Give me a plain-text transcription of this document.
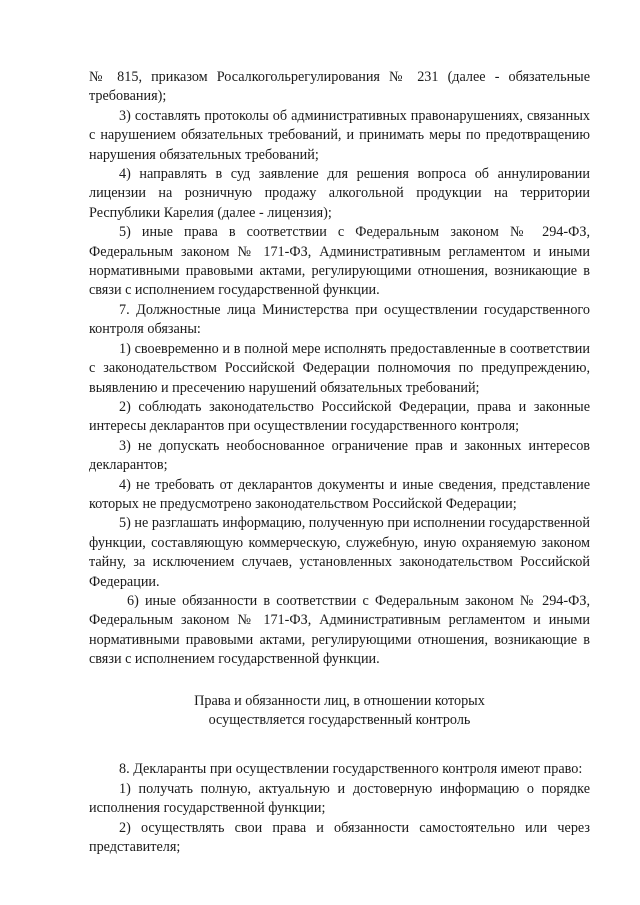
№ 815, приказом Росалкогольрегулирования № 231 (далее - обязательные требования);

3) составлять протоколы об административных правонарушениях, связанных с нарушением обязательных требований, и принимать меры по предотвращению нарушения обязательных требований;

4) направлять в суд заявление для решения вопроса об аннулировании лицензии на розничную продажу алкогольной продукции на территории Республики Карелия (далее - лицензия);

5) иные права в соответствии с Федеральным законом № 294-ФЗ, Федеральным законом № 171-ФЗ, Административным регламентом и иными нормативными правовыми актами, регулирующими отношения, возникающие в связи с исполнением государственной функции.

7. Должностные лица Министерства при осуществлении государственного контроля обязаны:

1) своевременно и в полной мере исполнять предоставленные в соответствии с законодательством Российской Федерации полномочия по предупреждению, выявлению и пресечению нарушений обязательных требований;

2) соблюдать законодательство Российской Федерации, права и законные интересы декларантов при осуществлении государственного контроля;

3) не допускать необоснованное ограничение прав и законных интересов декларантов;

4) не требовать от декларантов документы и иные сведения, представление которых не предусмотрено законодательством Российской Федерации;

5) не разглашать информацию, полученную при исполнении государственной функции, составляющую коммерческую, служебную, иную охраняемую законом тайну, за исключением случаев, установленных законодательством Российской Федерации.

6) иные обязанности в соответствии с Федеральным законом № 294-ФЗ, Федеральным законом № 171-ФЗ, Административным регламентом и иными нормативными правовыми актами, регулирующими отношения, возникающие в связи с исполнением государственной функции.

Права и обязанности лиц, в отношении которых
осуществляется государственный контроль

8. Декларанты при осуществлении государственного контроля имеют право:

1) получать полную, актуальную и достоверную информацию о порядке исполнения государственной функции;

2) осуществлять свои права и обязанности самостоятельно или через представителя;
